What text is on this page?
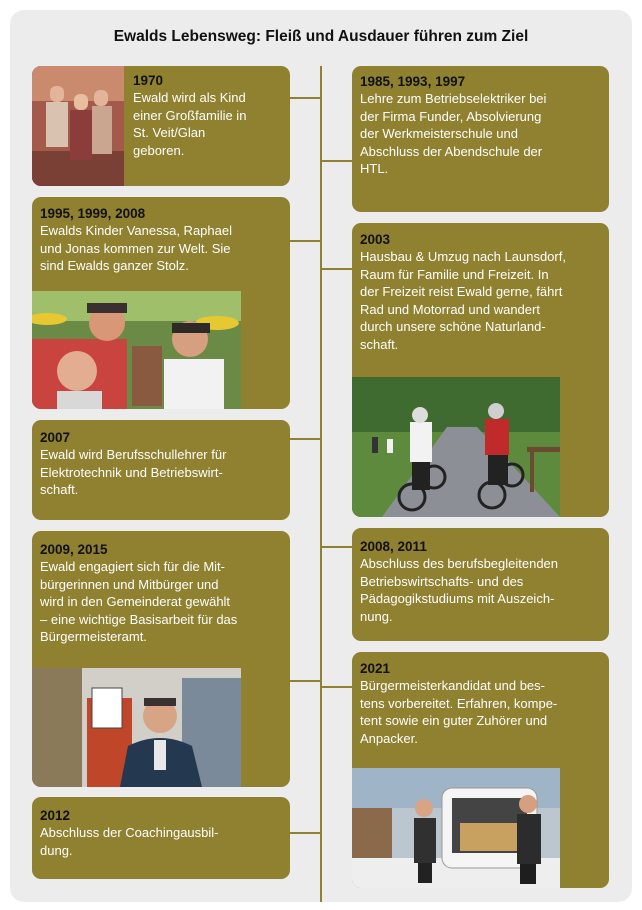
Ewalds Lebensweg: Fleiß und Ausdauer führen zum Ziel
1970
Ewald wird als Kind
einer Großfamilie in
St. Veit/Glan
geboren.
1995, 1999, 2008
Ewalds Kinder Vanessa, Raphael
und Jonas kommen zur Welt. Sie
sind Ewalds ganzer Stolz.
2007
Ewald wird Berufsschullehrer für
Elektrotechnik und Betriebswirt-
schaft.
2009, 2015
Ewald engagiert sich für die Mit-
bürgerinnen und Mitbürger und
wird in den Gemeinderat gewählt
– eine wichtige Basisarbeit für das
Bürgermeisteramt.
2012
Abschluss der Coachingausbil-
dung.
1985, 1993, 1997
Lehre zum Betriebselektriker bei
der Firma Funder, Absolvierung
der Werkmeisterschule und
Abschluss der Abendschule der
HTL.
2003
Hausbau & Umzug nach Launsdorf,
Raum für Familie und Freizeit. In
der Freizeit reist Ewald gerne, fährt
Rad und Motorrad und wandert
durch unsere schöne Naturland-
schaft.
2008, 2011
Abschluss des berufsbegleitenden
Betriebswirtschafts- und des
Pädagogikstudiums mit Auszeich-
nung.
2021
Bürgermeisterkandidat und bes-
tens vorbereitet. Erfahren, kompe-
tent sowie ein guter Zuhörer und
Anpacker.
